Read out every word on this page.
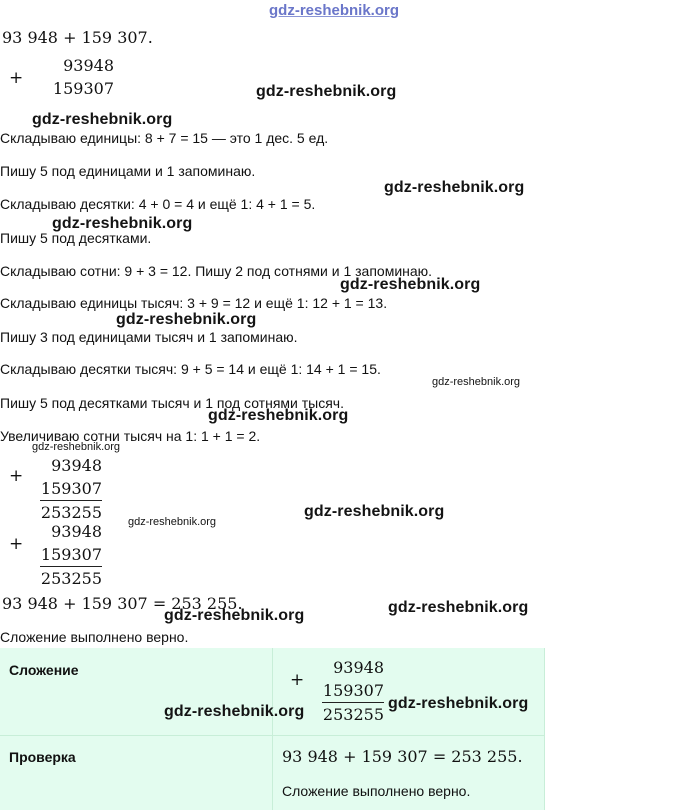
gdz-reshebnik.org
93 948 + 159 307.
+
93948
159307
Складываю единицы: 8 + 7 = 15 — это 1 дес. 5 ед.
Пишу 5 под единицами и 1 запоминаю.
Складываю десятки: 4 + 0 = 4 и ещё 1: 4 + 1 = 5.
Пишу 5 под десятками.
Складываю сотни: 9 + 3 = 12. Пишу 2 под сотнями и 1 запоминаю.
Складываю единицы тысяч: 3 + 9 = 12 и ещё 1: 12 + 1 = 13.
Пишу 3 под единицами тысяч и 1 запоминаю.
Складываю десятки тысяч: 9 + 5 = 14 и ещё 1: 14 + 1 = 15.
Пишу 5 под десятками тысяч и 1 под сотнями тысяч.
Увеличиваю сотни тысяч на 1: 1 + 1 = 2.
+
93948
159307
253255
+
93948
159307
253255
93 948 + 159 307 = 253 255.
Сложение выполнено верно.
Сложение	+
93948
159307
253255
Проверка	93 948 + 159 307 = 253 255.
Сложение выполнено верно.
gdz-reshebnik.org
gdz-reshebnik.org
gdz-reshebnik.org
gdz-reshebnik.org
gdz-reshebnik.org
gdz-reshebnik.org
gdz-reshebnik.org
gdz-reshebnik.org
gdz-reshebnik.org
gdz-reshebnik.org
gdz-reshebnik.org
gdz-reshebnik.org
gdz-reshebnik.org
gdz-reshebnik.org	gdz-reshebnik.org
